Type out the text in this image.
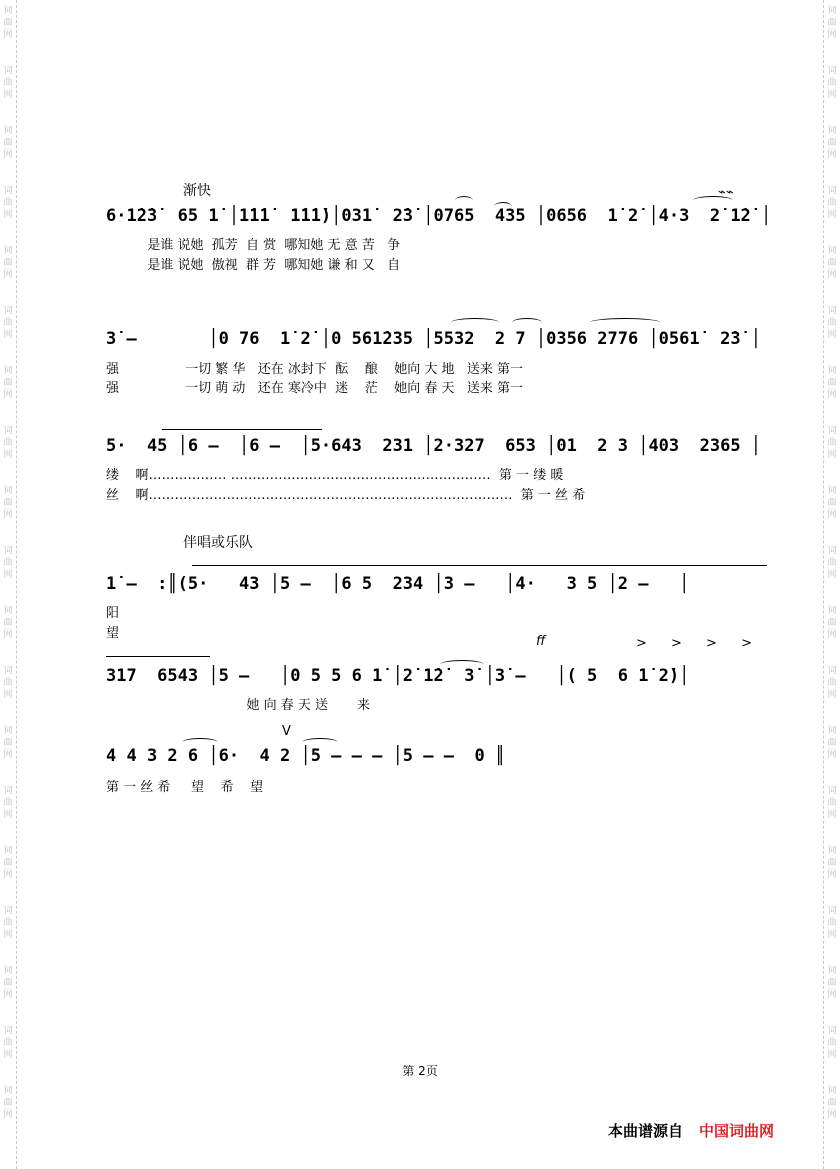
词
曲
网
词
曲
网
词
曲
网
词
曲
网
词
曲
网
词
曲
网
词
曲
网
词
曲
网
词
曲
网
词
曲
网
词
曲
网
词
曲
网
词
曲
网
词
曲
网
词
曲
网
词
曲
网
词
曲
网
词
曲
网
词
曲
网
词
曲
网
词
曲
网
词
曲
网
词
曲
网
词
曲
网
词
曲
网
词
曲
网
词
曲
网
词
曲
网
词
曲
网
词
曲
网
词
曲
网
词
曲
网
词
曲
网
词
曲
网
词
曲
网
词
曲
网
词
曲
网
词
曲
网
渐快
6·1̇2̇3̇  65 1̇ │1̇1̇1̇  1̇1̇1̇)│031̇  2̇3̇ │0765  435 │0656  1̇ 2̇ │4·3  2̇ 1̇2̇ │
是谁 说她  孤芳  自 赏  哪知她 无 意 苦   争
是谁 说她  傲视  群 芳  哪知她 谦 和 又   自
⌁⌁
3̇ –       │0 76  1̇ 2̇ │0 561̇235 │5532  2 7 │0356 2776 │0561̇  2̇3̇ │
强                一切 繁 华   还在 冰封下  酝    酿    她向 大 地   送来 第一
强                一切 萌 动   还在 寒冷中  迷    茫    她向 春 天   送来 第一
5·  45 │6 –  │6 –  │5·643  231 │2·327  653 │01  2 3 │403  2365 │
缕    啊……………… ……………………………………………………  第 一 缕 暖
丝    啊…………………………………………………………………………  第 一 丝 希
伴唱或乐队
1̇ –  :║(5·   43 │5 –  │6 5  234 │3 –   │4·   3 5 │2 –   │
阳
望
ff	> > > >
317  6543 │5 –   │0 5 5 6 1̇ │2̇ 1̇2̇  3̇ │3̇ –   │( 5  6 1̇ 2̇)│
她 向 春 天 送       来
V
4 4 3 2 6 │6·  4 2 │5 – – – │5 – –  0 ║
第 一 丝 希     望    希    望
第 2页
本曲谱源自 中国词曲网
